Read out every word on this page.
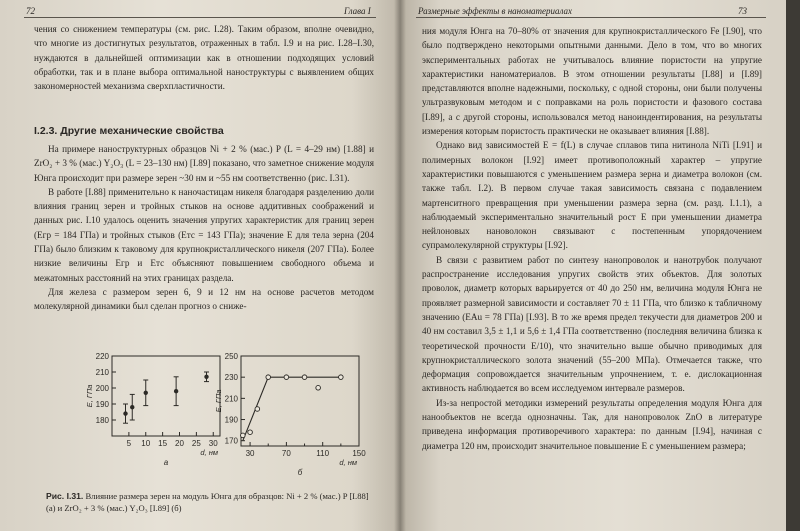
72	Глава I

чения со снижением температуры (см. рис. I.28). Таким образом, вполне очевидно, что многие из достигнутых результатов, отраженных в табл. I.9 и на рис. I.28–I.30, нуждаются в дальнейшей оптимизации как в отношении подходящих условий обработки, так и в плане выбора оптимальной наноструктуры с выявлением общих закономерностей механизма сверхпластичности.

I.2.3. Другие механические свойства

На примере наноструктурных образцов Ni + 2 % (мас.) P (L = 4–29 нм) [1.88] и ZrO₂ + 3 % (мас.) Y₂O₃ (L = 23–130 нм) [I.89] показано, что заметное снижение модуля Юнга происходит при размере зерен ~30 нм и ~55 нм соответственно (рис. I.31).

В работе [I.88] применительно к наночастицам никеля благодаря разделению доли влияния границ зерен и тройных стыков на основе аддитивных соображений и данных рис. I.10 удалось оценить значения упругих характеристик для границ зерен (Eгр = 184 ГПа) и тройных стыков (Eтс = 143 ГПа); значение E для тела зерна (204 ГПа) было близким к таковому для крупнокристаллического никеля (207 ГПа). Более низкие величины Eгр и Eтс объясняют повышением свободного объема и межатомных расстояний на этих границах раздела.

Для железа с размером зерен 6, 9 и 12 нм на основе расчетов методом молекулярной динамики был сделан прогноз о сниже-

180
190
200
210
220
5 10 15 20 25 30
d, нм
E, ГПа
а
170
190
210
230
250
30	70	110	150
d, нм
E, ГПа
б
Рис. I.31. Влияние размера зерен на модуль Юнга для образцов: Ni + 2 % (мас.) P [I.88] (а) и ZrO₂ + 3 % (мас.) Y₂O₃ [I.89] (б)
Размерные эффекты в наноматериалах	73

ния модуля Юнга на 70–80% от значения для крупнокристаллического Fe [I.90], что было подтверждено некоторыми опытными данными. Дело в том, что во многих экспериментальных работах не учитывалось влияние пористости на упругие характеристики наноматериалов. В этом отношении результаты [I.88] и [I.89] представляются вполне надежными, поскольку, с одной стороны, они были получены ультразвуковым методом и с поправками на роль пористости и фазового состава [I.89], а с другой стороны, использовался метод наноиндентирования, на результаты измерения которым пористость практически не оказывает влияния [I.88].

Однако вид зависимостей E = f(L) в случае сплавов типа нитинола NiTi [I.91] и полимерных волокон [I.92] имеет противоположный характер – упругие характеристики повышаются с уменьшением размера зерна и диаметра волокон (см. также табл. I.2). В первом случае такая зависимость связана с подавлением мартенситного превращения при уменьшении размера зерна (см. разд. I.1.1), а наблюдаемый экспериментально значительный рост E при уменьшении диаметра нейлоновых нановолокон связывают с постепенным упорядочением супрамолекулярной структуры [I.92].

В связи с развитием работ по синтезу нанопроволок и нанотрубок получают распространение исследования упругих свойств этих объектов. Для золотых проволок, диаметр которых варьируется от 40 до 250 нм, величина модуля Юнга не проявляет размерной зависимости и составляет 70 ± 11 ГПа, что близко к табличному значению (EAu = 78 ГПа) [I.93]. В то же время предел текучести для диаметров 200 и 40 нм составил 3,5 ± 1,1 и 5,6 ± 1,4 ГПа соответственно (последняя величина близка к теоретической прочности E/10), что значительно выше обычно приводимых для крупнокристаллического золота значений (55–200 МПа). Отмечается также, что деформация сопровождается значительным упрочнением, т. е. дислокационная активность наблюдается во всем исследуемом интервале размеров.

Из-за непростой методики измерений результаты определения модуля Юнга для нанообъектов не всегда однозначны. Так, для нанопроволок ZnO в литературе приведена информация противоречивого характера: по данным [I.94], начиная с диаметра 120 нм, происходит значительное повышение E с уменьшением размера;
